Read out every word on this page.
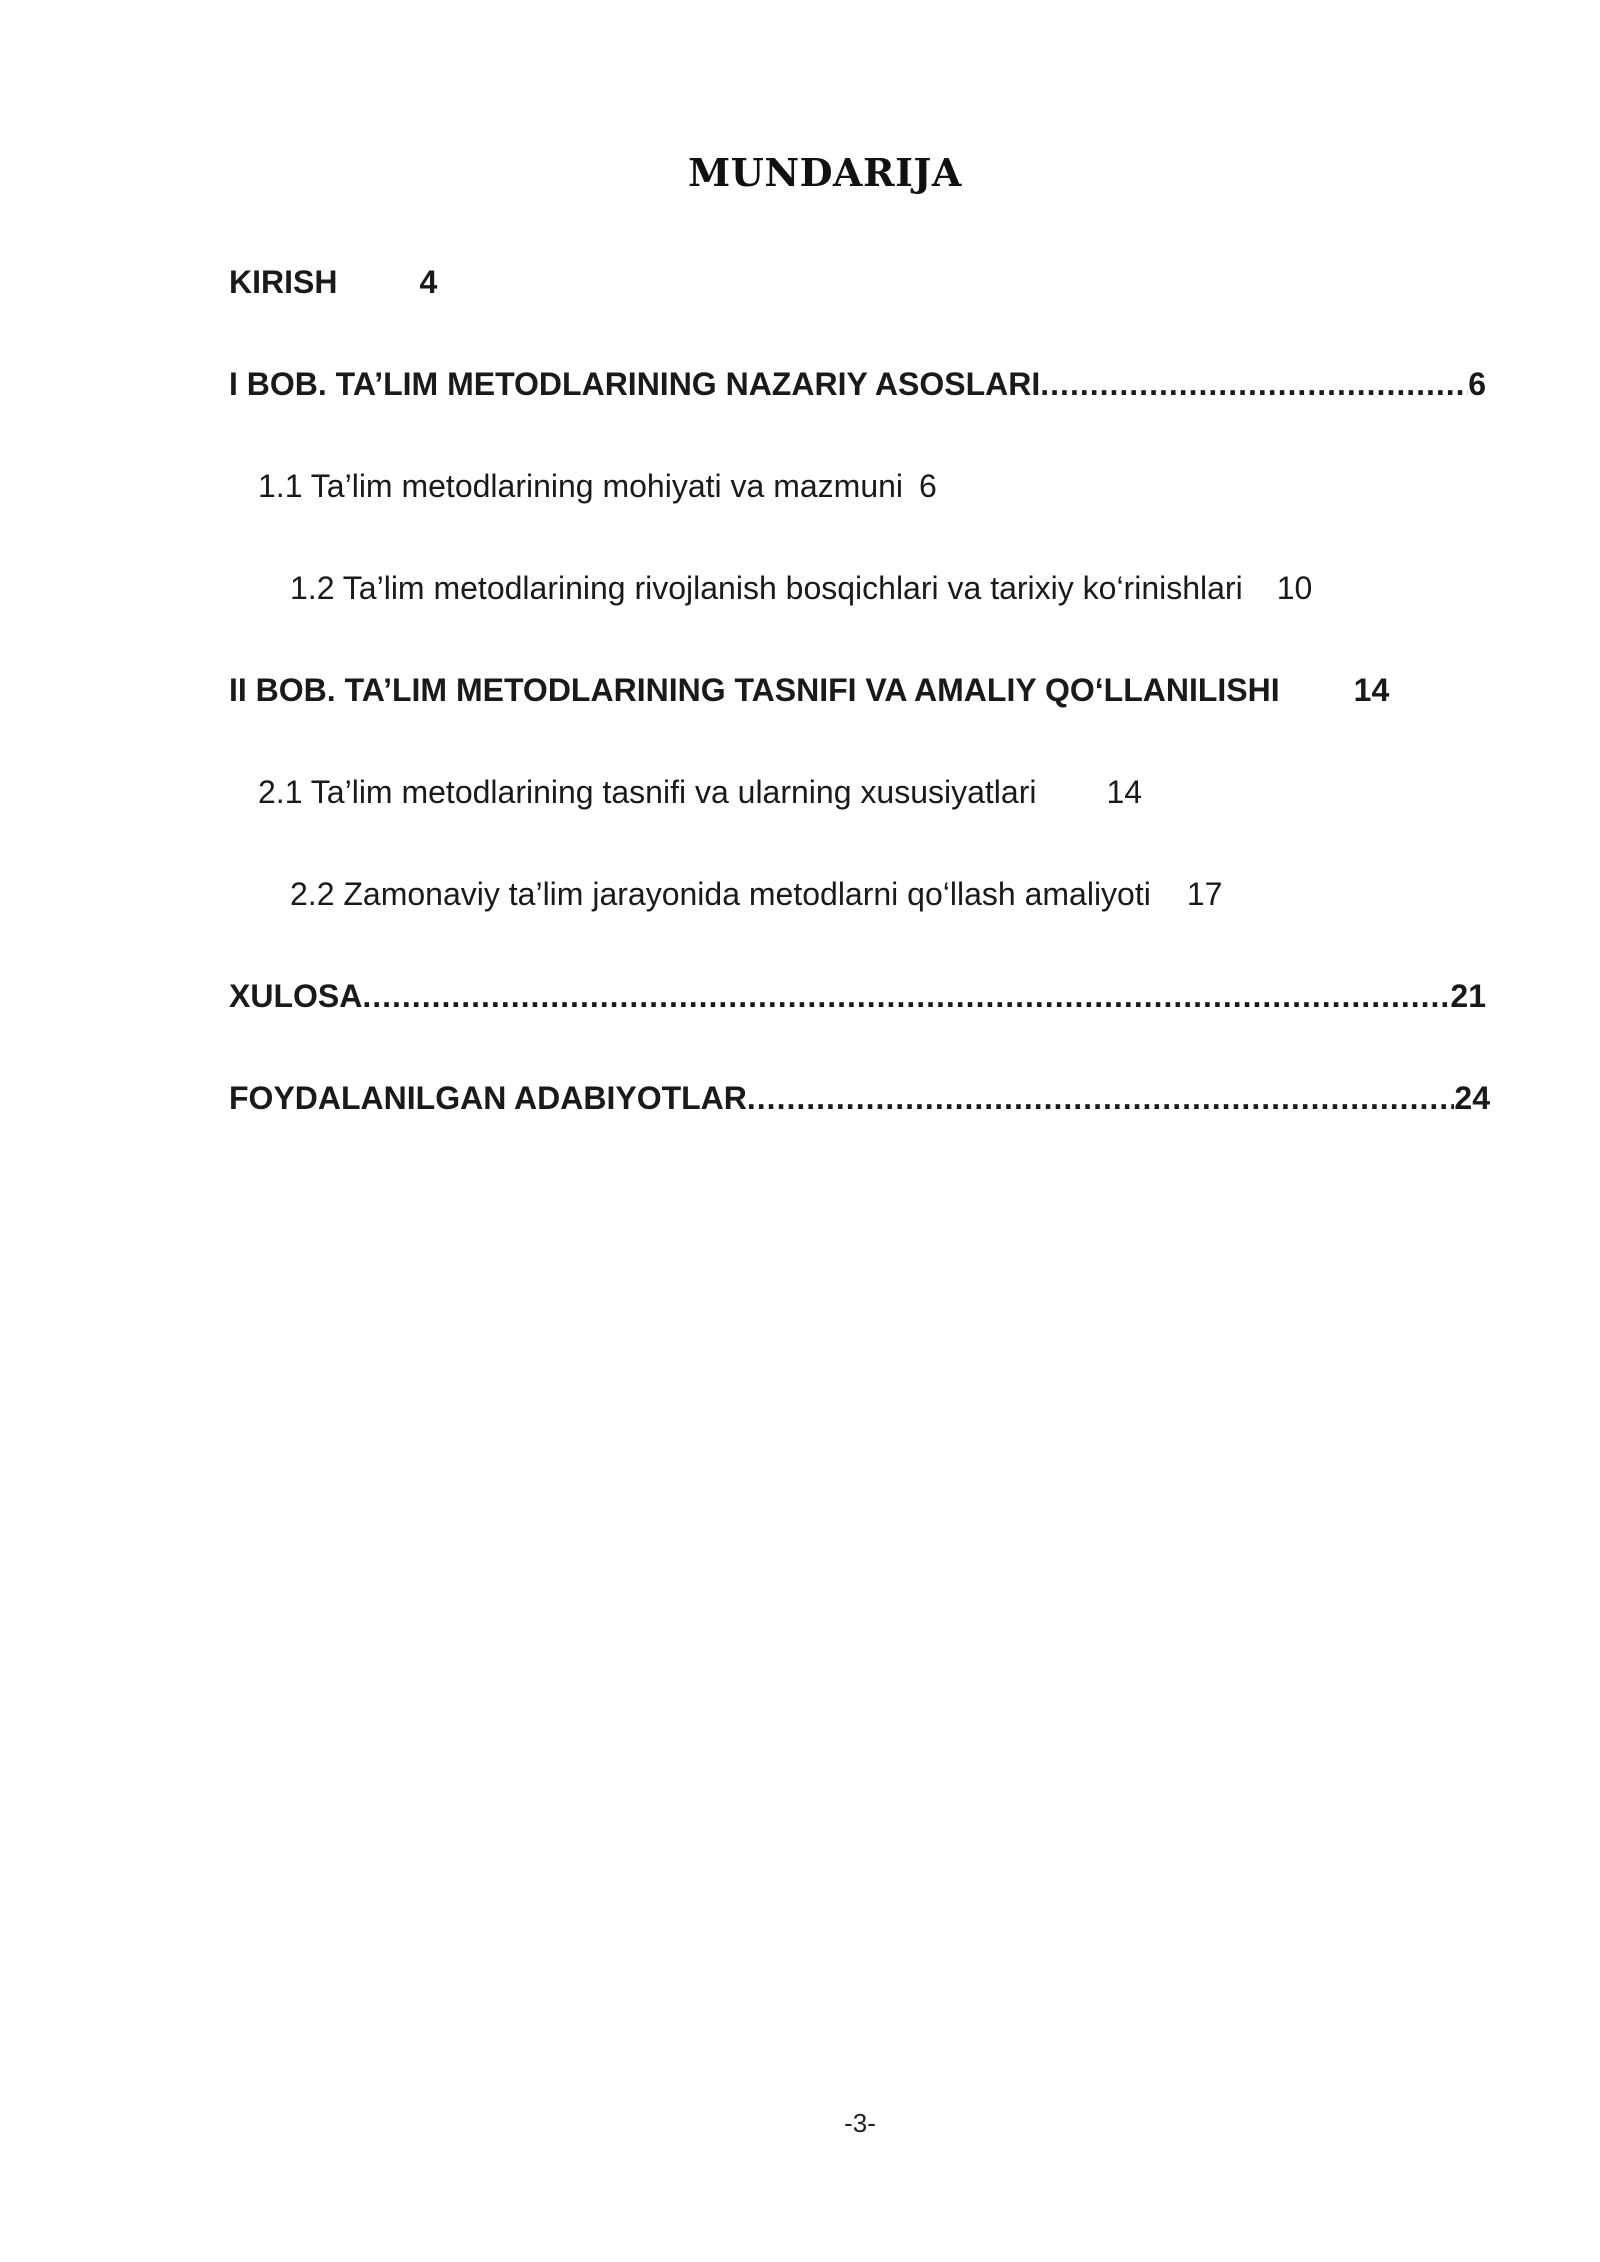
MUNDARIJA
KIRISH	4
I BOB. TA’LIM METODLARINING NAZARIY ASOSLARI .....	6
1.1 Ta’lim metodlarining mohiyati va mazmuni 6
1.2 Ta’lim metodlarining rivojlanish bosqichlari va tarixiy ko‘rinishlari 10
II BOB. TA’LIM METODLARINING TASNIFI VA AMALIY QO‘LLANILISHI 14
2.1 Ta’lim metodlarining tasnifi va ularning xususiyatlari 14
2.2 Zamonaviy ta’lim jarayonida metodlarni qo‘llash amaliyoti 17
XULOSA .....	21
FOYDALANILGAN ADABIYOTLAR .....	24
-3-
